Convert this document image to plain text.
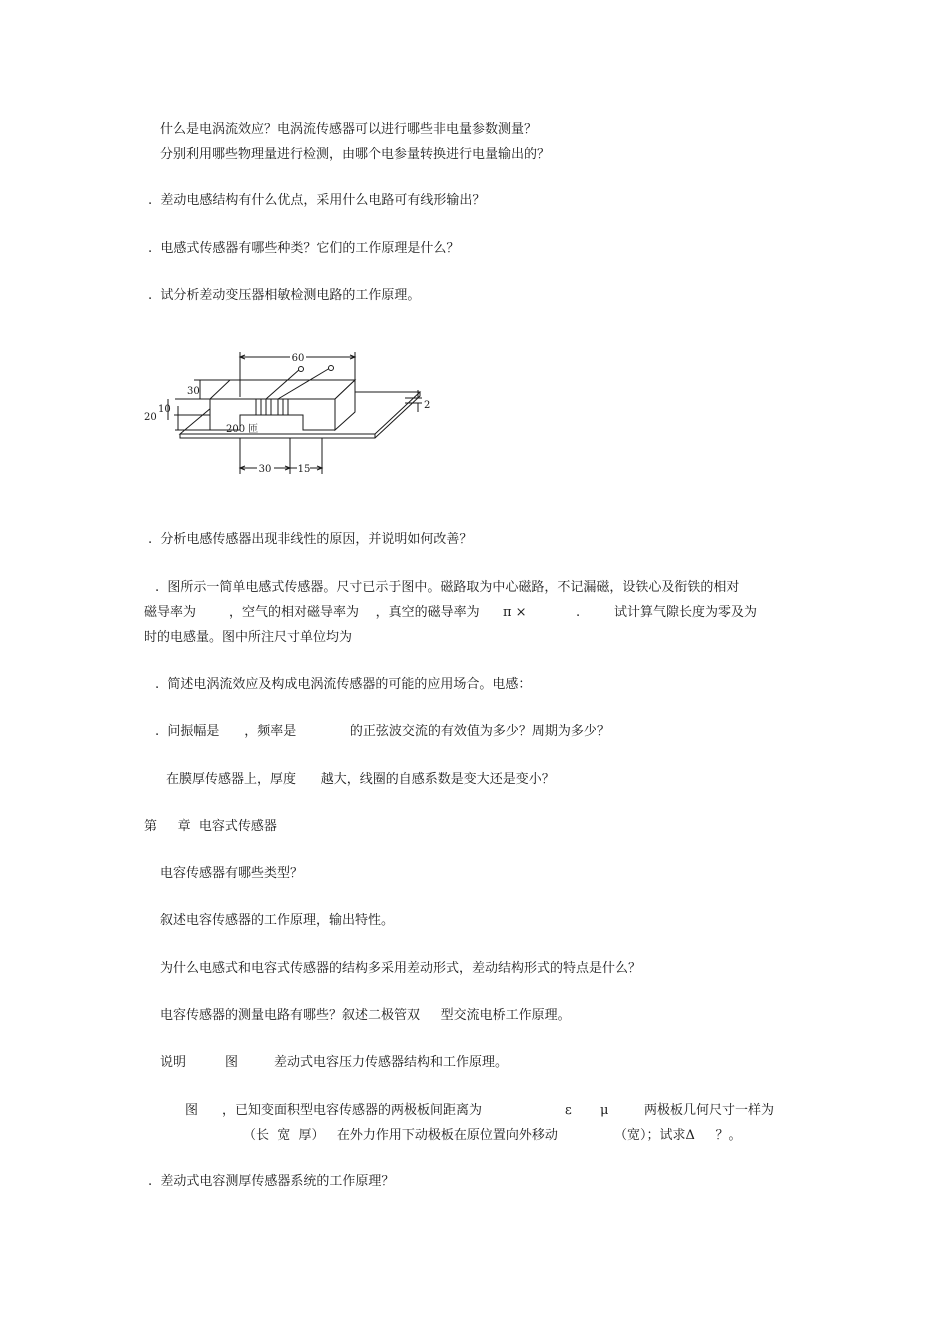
什么是电涡流效应？电涡流传感器可以进行哪些非电量参数测量？
分别利用哪些物理量进行检测，由哪个电参量转换进行电量输出的？
.  差动电感结构有什么优点，采用什么电路可有线形输出？
.  电感式传感器有哪些种类？它们的工作原理是什么？
.  试分析差动变压器相敏检测电路的工作原理。
60
30
10
20
2
200 匝
30	15
.  分析电感传感器出现非线性的原因，并说明如何改善？
.  图所示一简单电感式传感器。尺寸已示于图中。磁路取为中心磁路，不记漏磁，设铁心及衔铁的相对
磁导率为        ，空气的相对磁导率为    ，真空的磁导率为 π ×	.	试计算气隙长度为零及为
时的电感量。图中所注尺寸单位均为
.  简述电涡流效应及构成电涡流传感器的可能的应用场合。电感：
.  问振幅是      ，频率是             的正弦波交流的有效值为多少？周期为多少？
在膜厚传感器上，厚度      越大，线圈的自感系数是变大还是变小？
第     章  电容式传感器
电容传感器有哪些类型？
叙述电容传感器的工作原理，输出特性。
为什么电感式和电容式传感器的结构多采用差动形式，差动结构形式的特点是什么？
电容传感器的测量电路有哪些？叙述二极管双     型交流电桥工作原理。
说明	图	差动式电容压力传感器结构和工作原理。
图 ，已知变面积型电容传感器的两极板间距离为	ε μ	两极板几何尺寸一样为
（长  宽  厚）   在外力作用下动极板在原位置向外移动	（宽）；试求Δ     ？。
.  差动式电容测厚传感器系统的工作原理？
